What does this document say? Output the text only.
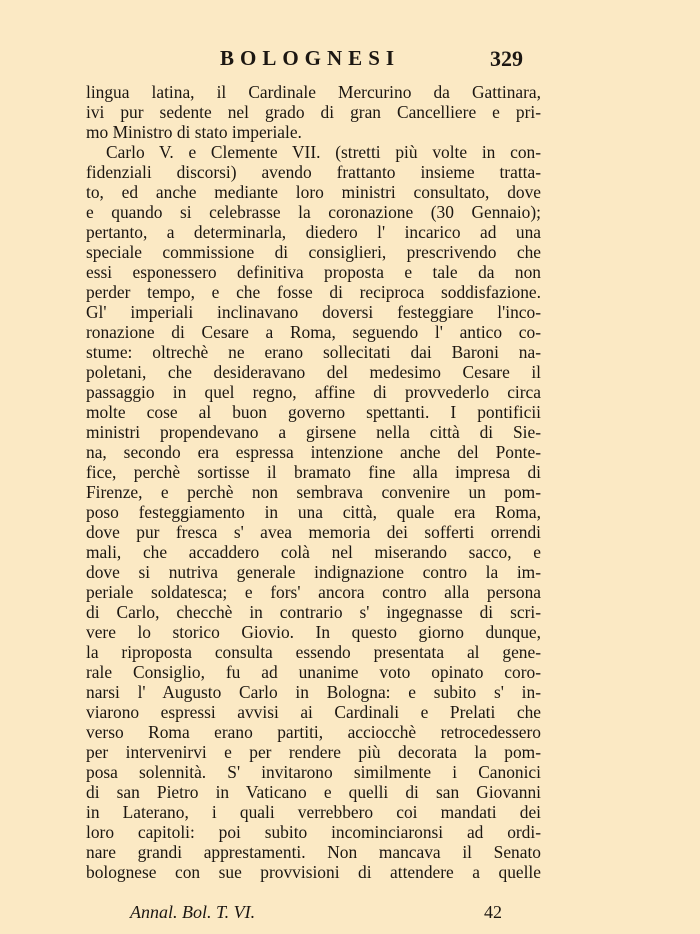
BOLOGNESI	329
lingua latina, il Cardinale Mercurino da Gattinara,
ivi pur sedente nel grado di gran Cancelliere e pri-
mo Ministro di stato imperiale.
Carlo V. e Clemente VII. (stretti più volte in con-
fidenziali discorsi) avendo frattanto insieme tratta-
to, ed anche mediante loro ministri consultato, dove
e quando si celebrasse la coronazione (30 Gennaio);
pertanto, a determinarla, diedero l' incarico ad una
speciale commissione di consiglieri, prescrivendo che
essi esponessero definitiva proposta e tale da non
perder tempo, e che fosse di reciproca soddisfazione.
Gl' imperiali inclinavano doversi festeggiare l'inco-
ronazione di Cesare a Roma, seguendo l' antico co-
stume: oltrechè ne erano sollecitati dai Baroni na-
poletani, che desideravano del medesimo Cesare il
passaggio in quel regno, affine di provvederlo circa
molte cose al buon governo spettanti. I pontificii
ministri propendevano a girsene nella città di Sie-
na, secondo era espressa intenzione anche del Ponte-
fice, perchè sortisse il bramato fine alla impresa di
Firenze, e perchè non sembrava convenire un pom-
poso festeggiamento in una città, quale era Roma,
dove pur fresca s' avea memoria dei sofferti orrendi
mali, che accaddero colà nel miserando sacco, e
dove si nutriva generale indignazione contro la im-
periale soldatesca; e fors' ancora contro alla persona
di Carlo, checchè in contrario s' ingegnasse di scri-
vere lo storico Giovio. In questo giorno dunque,
la riproposta consulta essendo presentata al gene-
rale Consiglio, fu ad unanime voto opinato coro-
narsi l' Augusto Carlo in Bologna: e subito s' in-
viarono espressi avvisi ai Cardinali e Prelati che
verso Roma erano partiti, acciocchè retrocedessero
per intervenirvi e per rendere più decorata la pom-
posa solennità. S' invitarono similmente i Canonici
di san Pietro in Vaticano e quelli di san Giovanni
in Laterano, i quali verrebbero coi mandati dei
loro capitoli: poi subito incominciaronsi ad ordi-
nare grandi apprestamenti. Non mancava il Senato
bolognese con sue provvisioni di attendere a quelle
Annal. Bol. T. VI.	42
